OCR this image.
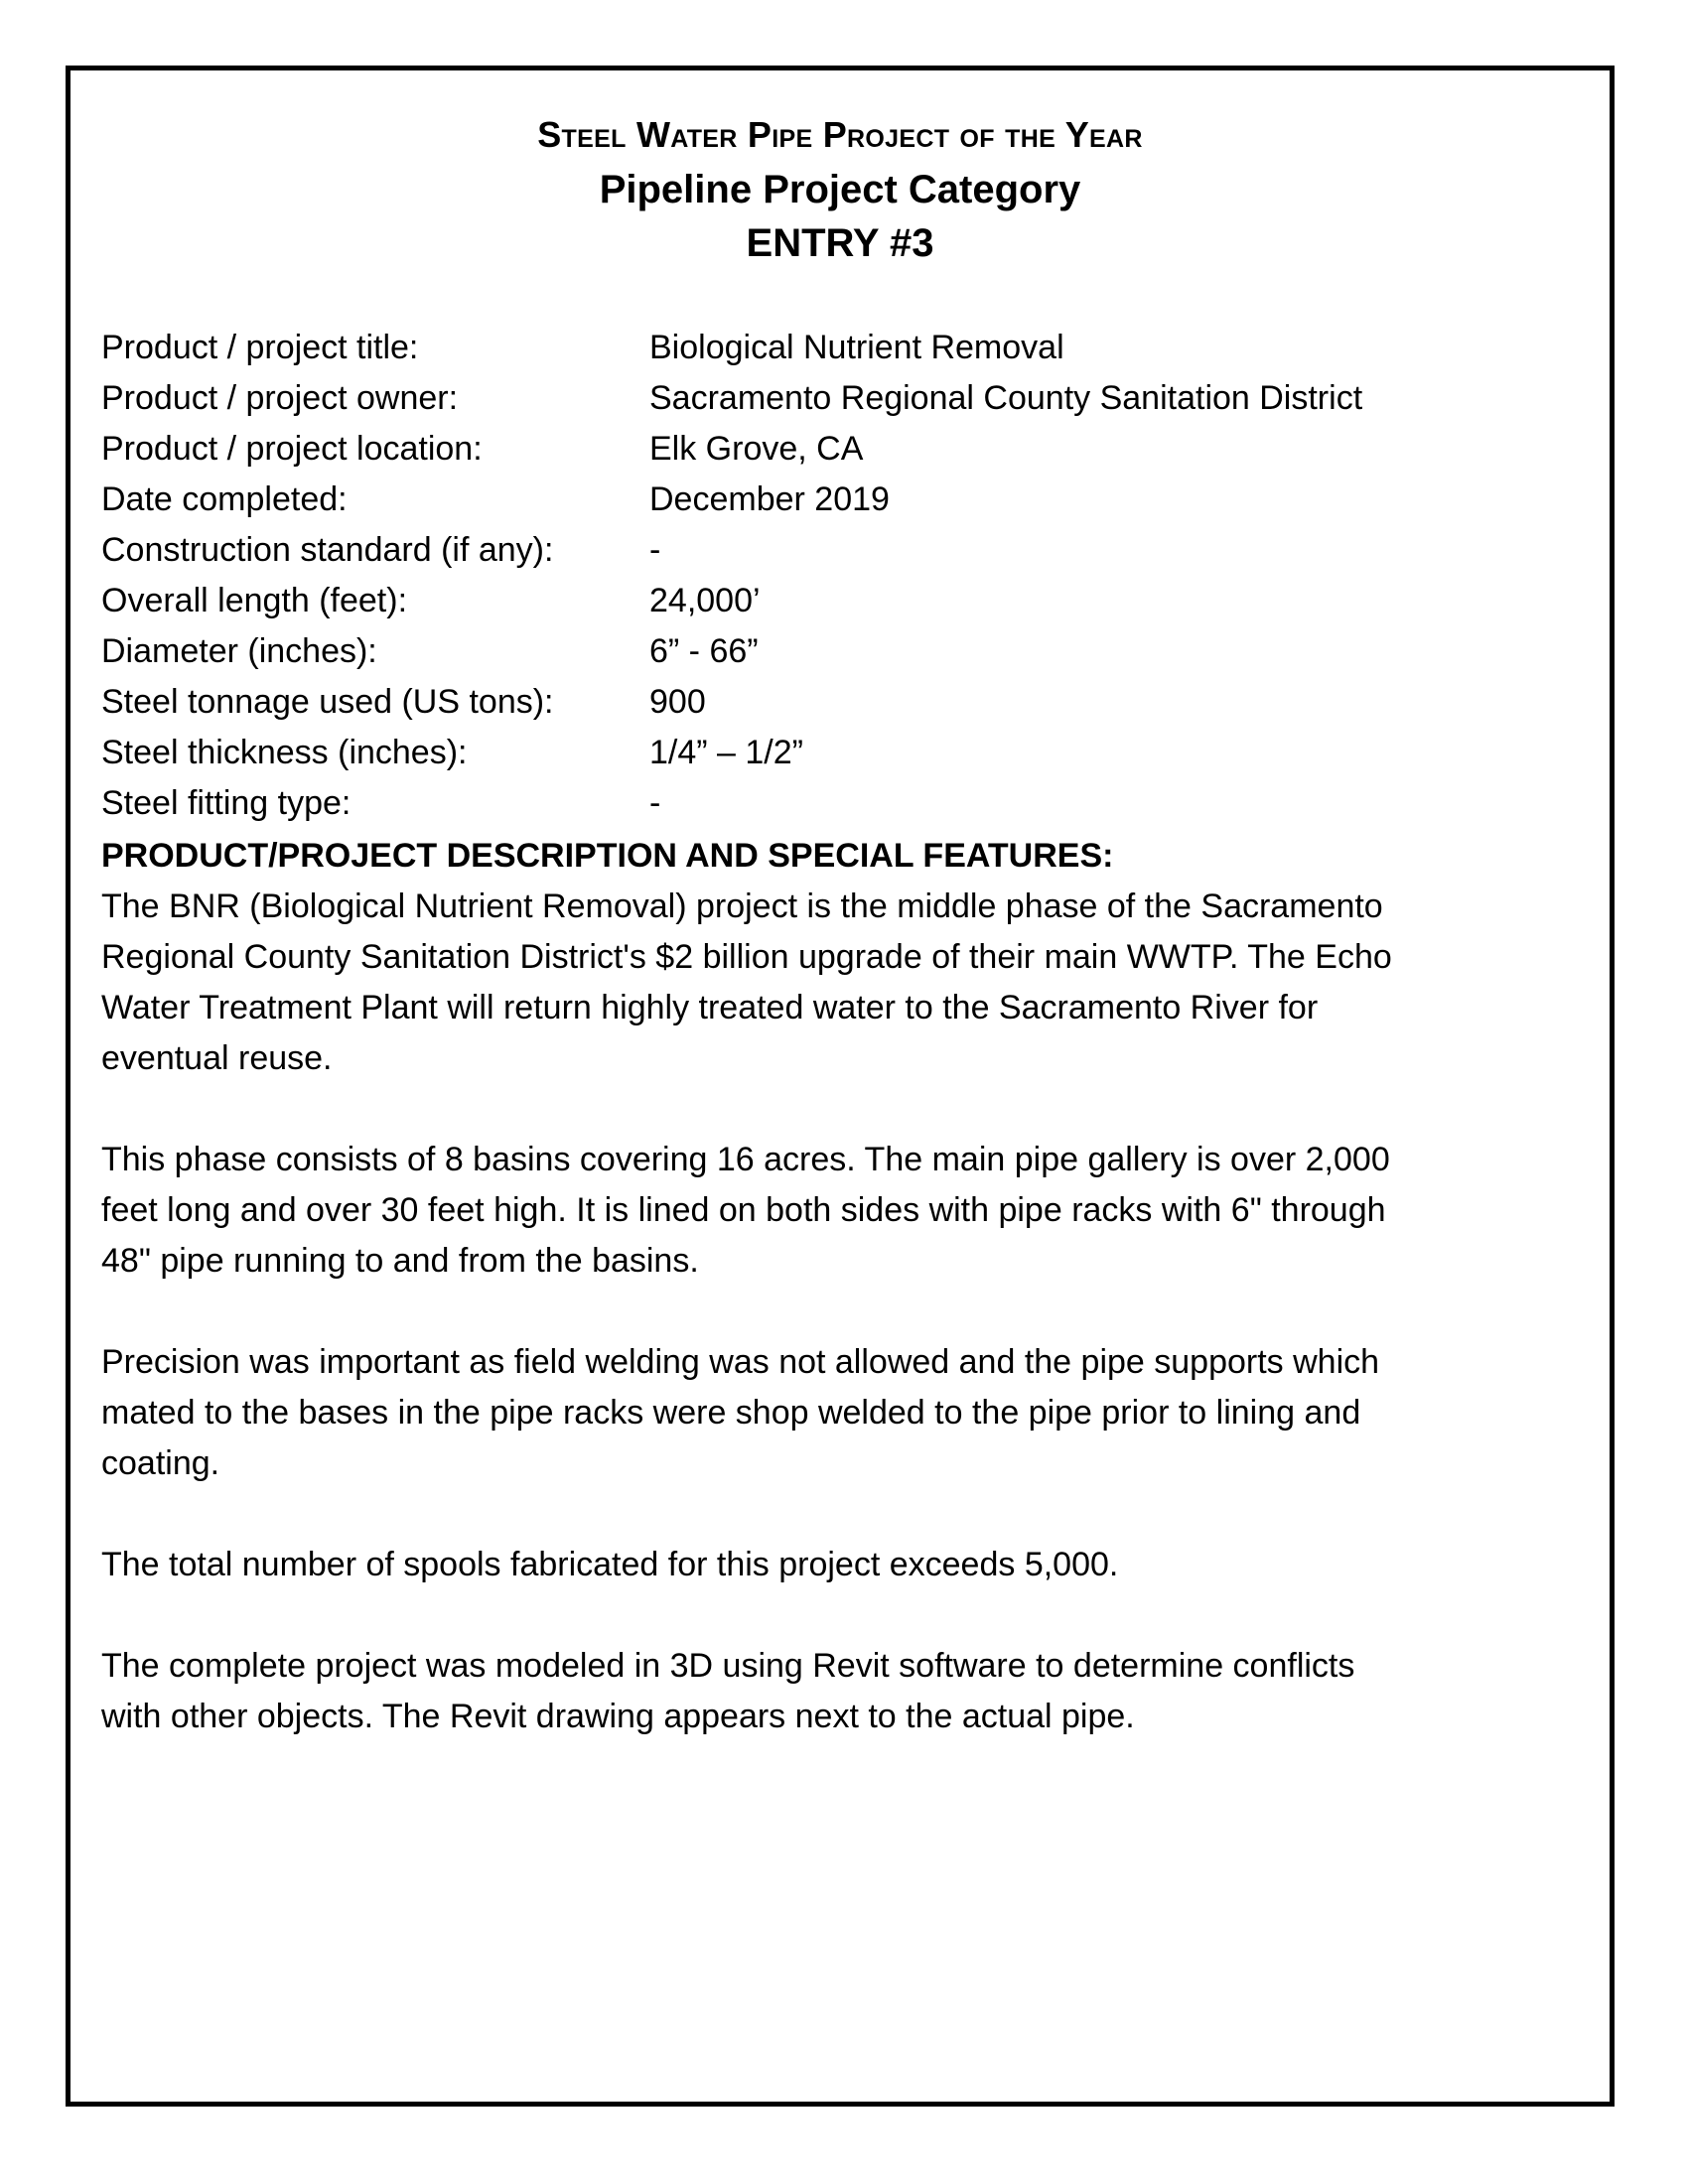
Steel Water Pipe Project of the Year
Pipeline Project Category
ENTRY #3
Product / project title:	Biological Nutrient Removal
Product / project owner:	Sacramento Regional County Sanitation District
Product / project location:	Elk Grove, CA
Date completed:	December 2019
Construction standard (if any):	-
Overall length (feet):	24,000’
Diameter (inches):	6” - 66”
Steel tonnage used (US tons):	900
Steel thickness (inches):	1/4” – 1/2”
Steel fitting type:	-
PRODUCT/PROJECT DESCRIPTION AND SPECIAL FEATURES:

The BNR (Biological Nutrient Removal) project is the middle phase of the Sacramento
Regional County Sanitation District's $2 billion upgrade of their main WWTP. The Echo
Water Treatment Plant will return highly treated water to the Sacramento River for
eventual reuse.

This phase consists of 8 basins covering 16 acres. The main pipe gallery is over 2,000
feet long and over 30 feet high. It is lined on both sides with pipe racks with 6" through
48" pipe running to and from the basins.

Precision was important as field welding was not allowed and the pipe supports which
mated to the bases in the pipe racks were shop welded to the pipe prior to lining and
coating.

The total number of spools fabricated for this project exceeds 5,000.

The complete project was modeled in 3D using Revit software to determine conflicts
with other objects. The Revit drawing appears next to the actual pipe.
